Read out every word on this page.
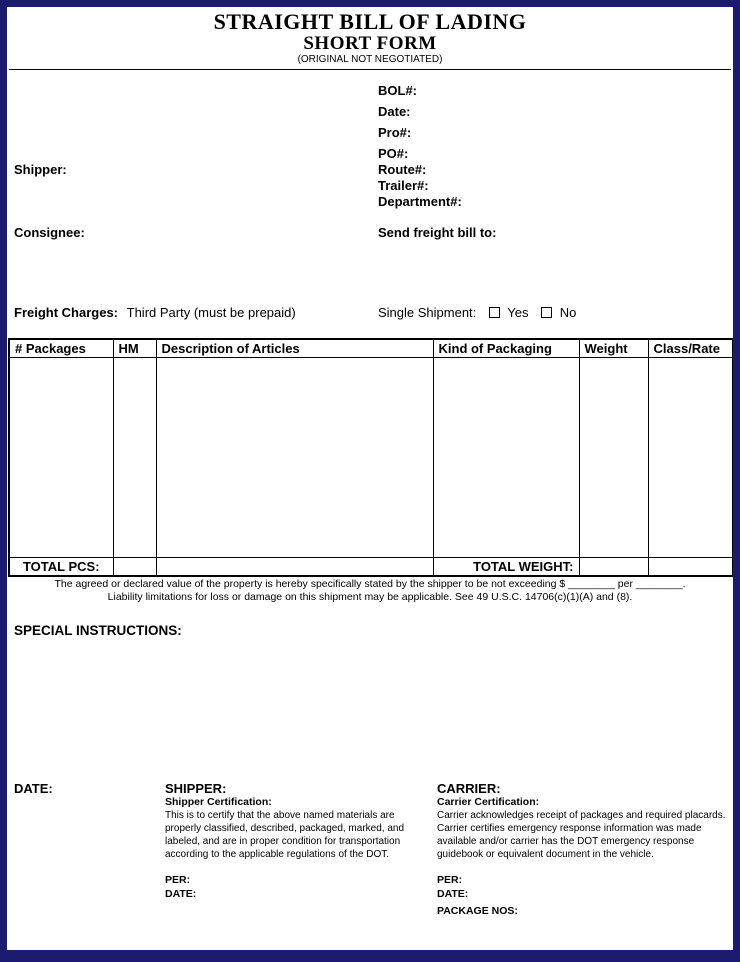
STRAIGHT BILL OF LADING
SHORT FORM
(ORIGINAL NOT NEGOTIATED)
BOL#:
Date:
Pro#:
PO#:
Shipper:	Route#:
Trailer#:
Department#:
Consignee:	Send freight bill to:
Freight Charges: Third Party (must be prepaid)	Single Shipment: Yes No
# Packages	HM	Description of Articles	Kind of Packaging	Weight	Class/Rate

TOTAL PCS:			TOTAL WEIGHT:		
The agreed or declared value of the property is hereby specifically stated by the shipper to be not exceeding $ ________ per ________.
Liability limitations for loss or damage on this shipment may be applicable. See 49 U.S.C. 14706(c)(1)(A) and (8).
SPECIAL INSTRUCTIONS:
DATE:	SHIPPER:
Shipper Certification:
This is to certify that the above named materials are properly classified, described, packaged, marked, and labeled, and are in proper condition for transportation according to the applicable regulations of the DOT.
PER:
DATE:
CARRIER:
Carrier Certification:
Carrier acknowledges receipt of packages and required placards. Carrier certifies emergency response information was made available and/or carrier has the DOT emergency response guidebook or equivalent document in the vehicle.
PER:
DATE:
PACKAGE NOS:
